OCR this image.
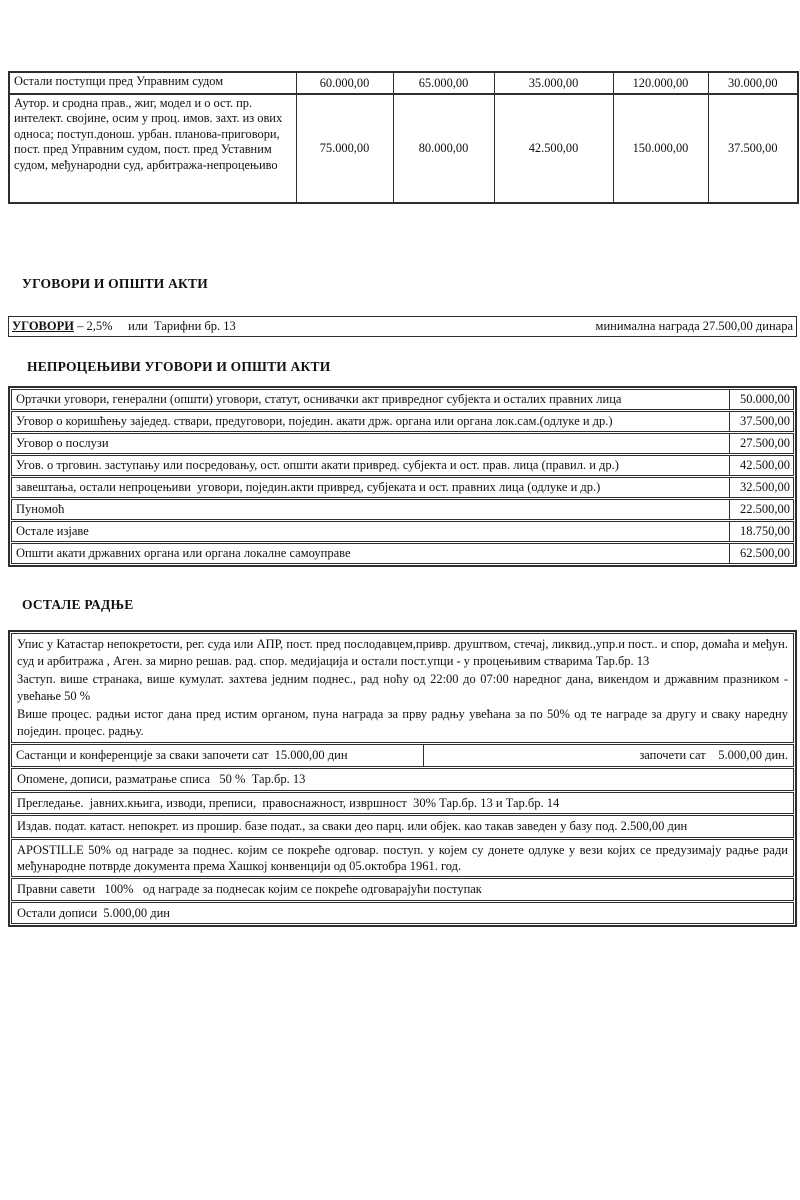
Остали поступци пред Управним судом	60.000,00	65.000,00	35.000,00	120.000,00	30.000,00
Аутор. и сродна прав., жиг, модел и о ост. пр. интелект. својине, осим у проц. имов. захт. из ових односа; поступ.донош. урбан. планова-приговори, пост. пред Управним судом, пост. пред Уставним судом, међународни суд, арбитража-непроцењиво	75.000,00	80.000,00	42.500,00	150.000,00	37.500,00
УГОВОРИ И ОПШТИ АКТИ
УГОВОРИ – 2,5%     или  Тарифни бр. 13	минимална награда 27.500,00 динара
НЕПРОЦЕЊИВИ УГОВОРИ И ОПШТИ АКТИ
Ортачки уговори, генерални (општи) уговори, статут, оснивачки акт привредног субјекта и осталих правних лица	50.000,00
Уговор о коришћењу заједед. ствари, предуговори, поједин. акати држ. органа или органа лок.сам.(одлуке и др.)	37.500,00
Уговор о послузи	27.500,00
Угов. о трговин. заступању или посредовању, ост. општи акати привред. субјекта и ост. прав. лица (правил. и др.)	42.500,00
завештања, остали непроцењиви  уговори, поједин.акти привред, субјеката и ост. правних лица (одлуке и др.)	32.500,00
Пуномоћ	22.500,00
Остале изјаве	18.750,00
Општи акати државних органа или органа локалне самоуправе	62.500,00
ОСТАЛЕ РАДЊЕ

Упис у Катастар непокретости, рег. суда или АПР, пост. пред послодавцем,привр. друштвом, стечај, ликвид.,упр.и пост.. и спор, домаћа и међун. суд и арбитража , Аген. за мирно решав. рад. спор. медијација и остали пост.упци - у процењивим стварима Тар.бр. 13

Заступ. више странака, више кумулат. захтева једним поднес., рад ноћу од 22:00 до 07:00 наредног дана, викендом и државним празником - увећање 50 %

Више процес. радњи истог дана пред истим органом, пуна награда за прву радњу увећана за по 50% од те награде за другу и сваку наредну поједин. процес. радњу.

Састанци и конференције за сваки започети сат  15.000,00 дин	започети сат    5.000,00 дин.
Опомене, дописи, разматрање списа   50 %  Тар.бр. 13
Прегледање.  јавних.књига, изводи, преписи,  правоснажност, извршност  30% Тар.бр. 13 и Тар.бр. 14
Издав. подат. катаст. непокрет. из прошир. базе подат., за сваки део парц. или објек. као такав заведен у базу под. 2.500,00 дин
APOSTILLE 50% од награде за поднес. којим се покреће одговар. поступ. у којем су донете одлуке у вези којих се предузимају радње ради међународне потврде документа према Хашкој конвенцији од 05.октобра 1961. год.
Правни савети   100%   од награде за поднесак којим се покреће одговарајући поступак
Остали дописи  5.000,00 дин
